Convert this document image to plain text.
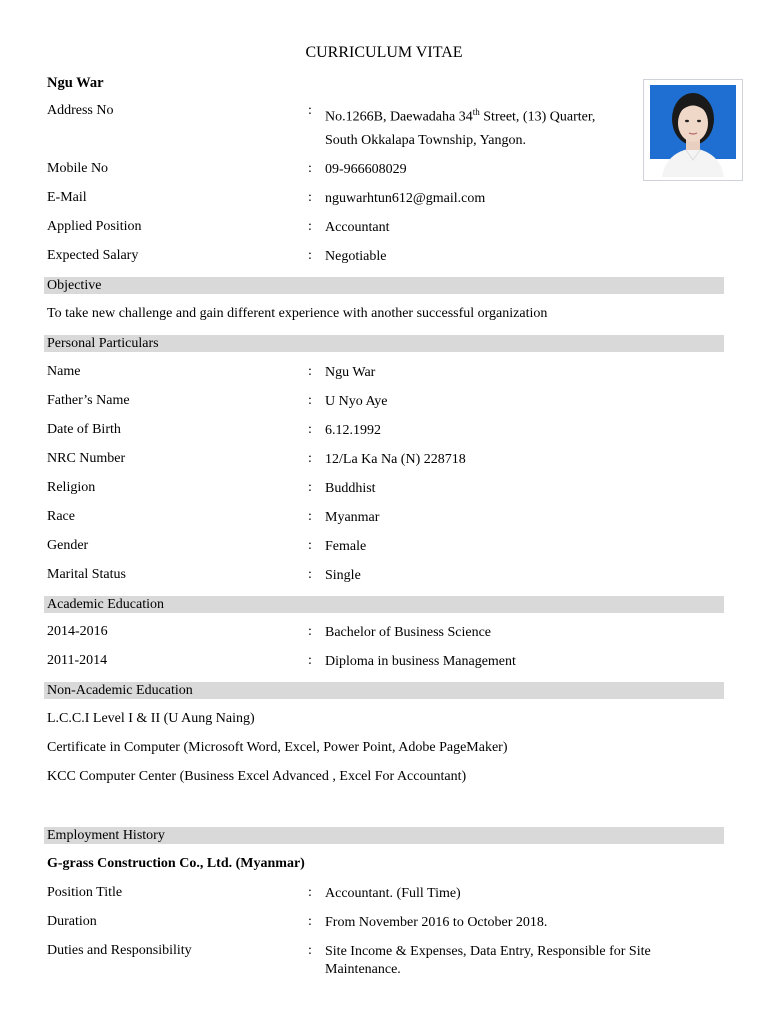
CURRICULUM VITAE
Ngu War
Address No	: No.1266B, Daewadaha 34th Street, (13) Quarter,
South Okkalapa Township, Yangon.
Mobile No	: 09-966608029
E-Mail	: nguwarhtun612@gmail.com
Applied Position	: Accountant
Expected Salary	: Negotiable
Objective
To take new challenge and gain different experience with another successful organization
Personal Particulars
Name	: Ngu War
Father’s Name	: U Nyo Aye
Date of Birth	: 6.12.1992
NRC Number	: 12/La Ka Na (N) 228718
Religion	: Buddhist
Race	: Myanmar
Gender	: Female
Marital Status	: Single
Academic Education
2014-2016	: Bachelor of Business Science
2011-2014	: Diploma in business Management
Non-Academic Education
L.C.C.I Level I & II (U Aung Naing)
Certificate in Computer (Microsoft Word, Excel, Power Point, Adobe PageMaker)
KCC Computer Center (Business Excel Advanced , Excel For Accountant)
Employment History
G-grass Construction Co., Ltd. (Myanmar)
Position Title	: Accountant. (Full Time)
Duration	: From November 2016 to October 2018.
Duties and Responsibility	: Site Income & Expenses, Data Entry, Responsible for Site Maintenance.
